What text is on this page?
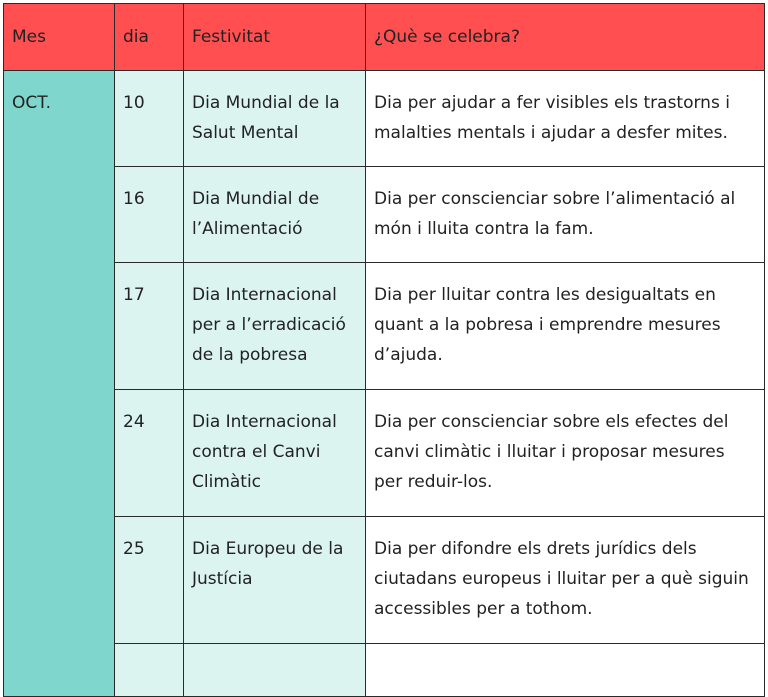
Mes	dia	Festivitat	¿Què se celebra?
OCT.	10	Dia Mundial de la Salut Mental	Dia per ajudar a fer visibles els trastorns i malalties mentals i ajudar a desfer mites.
	16	Dia Mundial de l’Alimentació	Dia per conscienciar sobre l’alimentació al món i lluita contra la fam.
	17	Dia Internacional per a l’erradicació de la pobresa	Dia per lluitar contra les desigualtats en quant a la pobresa i emprendre mesures d’ajuda.
	24	Dia Internacional contra el Canvi Climàtic	Dia per conscienciar sobre els efectes del canvi climàtic i lluitar i proposar mesures per reduir-los.
	25	Dia Europeu de la Justícia	Dia per difondre els drets jurídics dels ciutadans europeus i lluitar per a què siguin accessibles per a tothom.
